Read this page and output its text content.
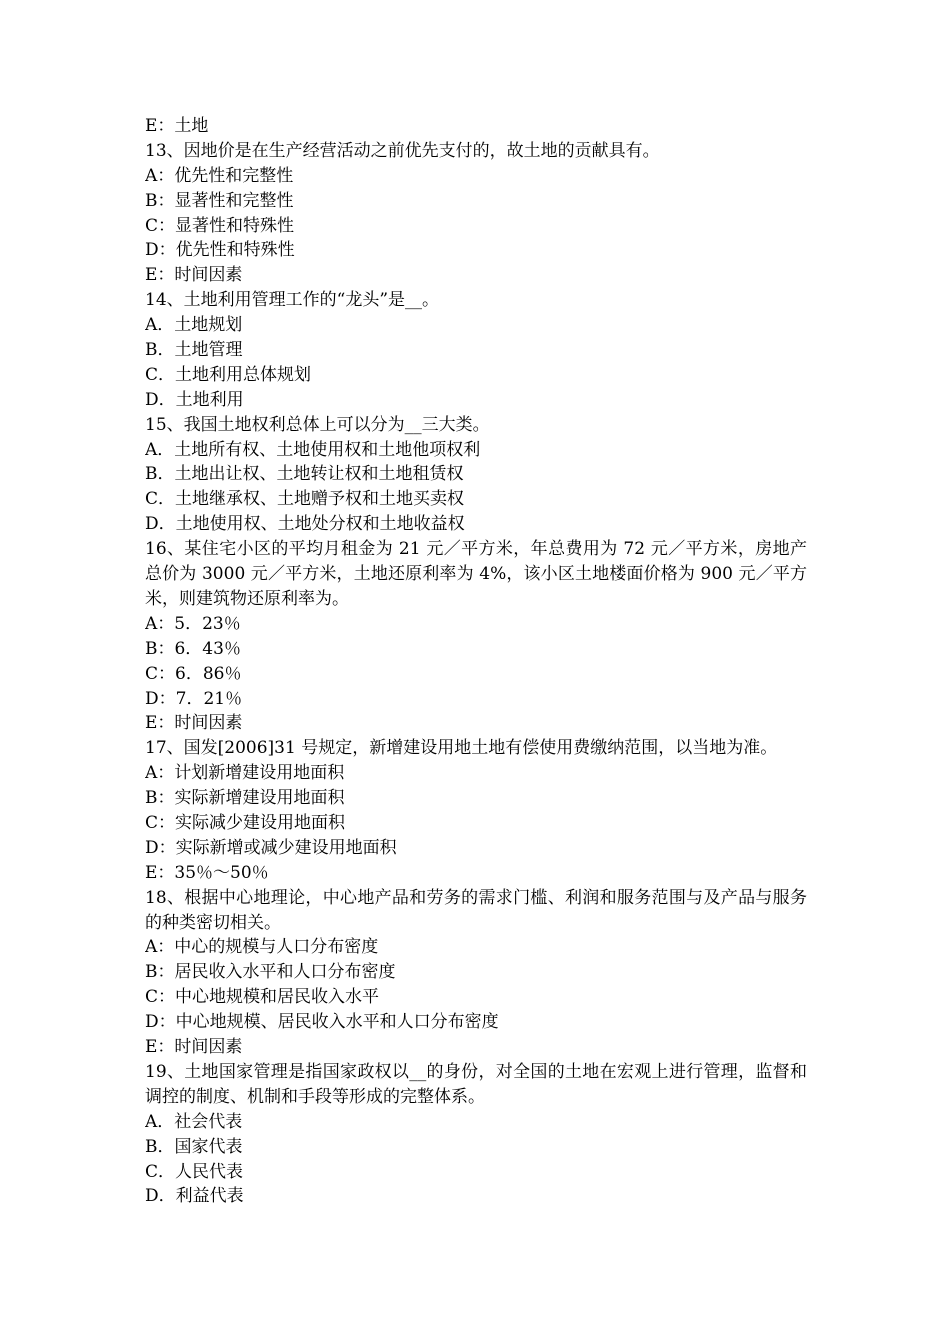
E：土地
13、因地价是在生产经营活动之前优先支付的，故土地的贡献具有。
A：优先性和完整性
B：显著性和完整性
C：显著性和特殊性
D：优先性和特殊性
E：时间因素
14、土地利用管理工作的“龙头”是__。
A．土地规划
B．土地管理
C．土地利用总体规划
D．土地利用
15、我国土地权利总体上可以分为__三大类。
A．土地所有权、土地使用权和土地他项权利
B．土地出让权、土地转让权和土地租赁权
C．土地继承权、土地赠予权和土地买卖权
D．土地使用权、土地处分权和土地收益权
16、某住宅小区的平均月租金为 21 元／平方米，年总费用为 72 元／平方米，房地产总价为 3000 元／平方米，土地还原利率为 4%，该小区土地楼面价格为 900 元／平方米，则建筑物还原利率为。
A：5．23％
B：6．43％
C：6．86％
D：7．21％
E：时间因素
17、国发[2006]31 号规定，新增建设用地土地有偿使用费缴纳范围，以当地为准。
A：计划新增建设用地面积
B：实际新增建设用地面积
C：实际减少建设用地面积
D：实际新增或减少建设用地面积
E：35％～50％
18、根据中心地理论，中心地产品和劳务的需求门槛、利润和服务范围与及产品与服务的种类密切相关。
A：中心的规模与人口分布密度
B：居民收入水平和人口分布密度
C：中心地规模和居民收入水平
D：中心地规模、居民收入水平和人口分布密度
E：时间因素
19、土地国家管理是指国家政权以__的身份，对全国的土地在宏观上进行管理，监督和调控的制度、机制和手段等形成的完整体系。
A．社会代表
B．国家代表
C．人民代表
D．利益代表
